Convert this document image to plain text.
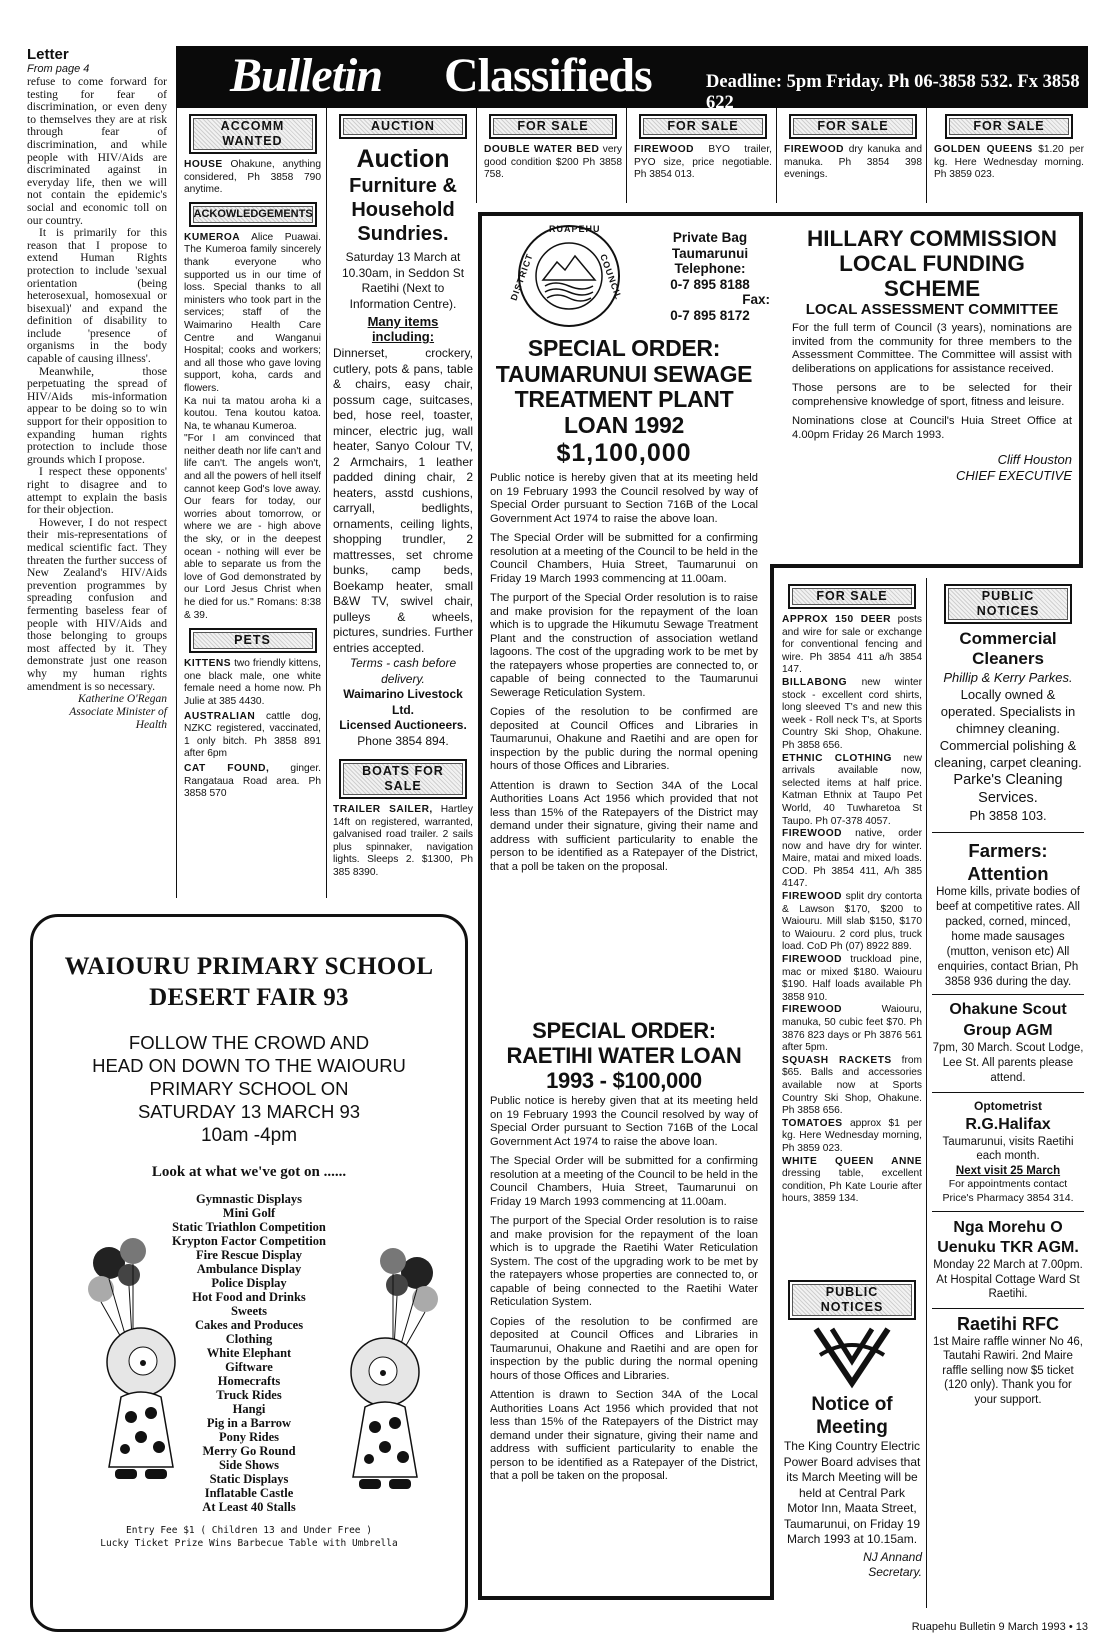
Letter
From page 4

refuse to come forward for testing for fear of discrimination, or even deny to themselves they are at risk through fear of discrimination, and while people with HIV/Aids are discriminated against in everyday life, then we will not contain the epidemic's social and economic toll on our country.

It is primarily for this reason that I propose to extend Human Rights protection to include 'sexual orientation (being heterosexual, homosexual or bisexual)' and expand the definition of disability to include 'presence of organisms in the body capable of causing illness'.

Meanwhile, those perpetuating the spread of HIV/Aids mis-information appear to be doing so to win support for their opposition to expanding human rights protection to include those grounds which I propose.

I respect these opponents' right to disagree and to attempt to explain the basis for their objection.

However, I do not respect their mis-representations of medical scientific fact. They threaten the further success of New Zealand's HIV/Aids prevention programmes by spreading confusion and fermenting baseless fear of people with HIV/Aids and those belonging to groups most affected by it. They demonstrate just one reason why my human rights amendment is so necessary.

Katherine O'Regan
Associate Minister of
Health
Bulletin Classifieds	Deadline: 5pm Friday. Ph 06-3858 532. Fx 3858 622
ACCOMM WANTED

HOUSE Ohakune, anything considered, Ph 3858 790 anytime.

ACKOWLEDGEMENTS

KUMEROA Alice Puawai. The Kumeroa family sincerely thank everyone who supported us in our time of loss. Special thanks to all ministers who took part in the services; staff of the Waimarino Health Care Centre and Wanganui Hospital; cooks and workers; and all those who gave loving support, koha, cards and flowers.

Ka nui ta matou aroha ki a koutou. Tena koutou katoa. Na, te whanau Kumeroa.

"For I am convinced that neither death nor life can't and life can't. The angels won't, and all the powers of hell itself cannot keep God's love away. Our fears for today, our worries about tomorrow, or where we are - high above the sky, or in the deepest ocean - nothing will ever be able to separate us from the love of God demonstrated by our Lord Jesus Christ when he died for us." Romans: 8:38 & 39.

PETS

KITTENS two friendly kittens, one black male, one white female need a home now. Ph Julie at 385 4430.

AUSTRALIAN cattle dog, NZKC registered, vaccinated, 1 only bitch. Ph 3858 891 after 6pm

CAT FOUND, ginger. Rangataua Road area. Ph 3858 570

AUCTION
Auction
Furniture & Household Sundries.
Saturday 13 March at 10.30am, in Seddon St Raetihi (Next to Information Centre).
Many items including:

Dinnerset, crockery, cutlery, pots & pans, table & chairs, easy chair, possum cage, suitcases, bed, hose reel, toaster, mincer, electric jug, wall heater, Sanyo Colour TV, 2 Armchairs, 1 leather padded dining chair, 2 heaters, asstd cushions, carryall, bedlights, ornaments, ceiling lights, shopping trundler, 2 mattresses, set chrome bunks, camp beds, Boekamp heater, small B&W TV, swivel chair, pulleys & wheels, pictures, sundries. Further entries accepted.

Terms - cash before delivery.
Waimarino Livestock Ltd.
Licensed Auctioneers.
Phone 3854 894.
BOATS FOR SALE

TRAILER SAILER, Hartley 14ft on registered, warranted, galvanised road trailer. 2 sails plus spinnaker, navigation lights. Sleeps 2. $1300, Ph 385 8390.

FOR SALE

DOUBLE WATER BED very good condition $200 Ph 3858 758.

FOR SALE

FIREWOOD BYO trailer, PYO size, price negotiable. Ph 3854 013.

FOR SALE

FIREWOOD dry kanuka and manuka. Ph 3854 398 evenings.

FOR SALE

GOLDEN QUEENS $1.20 per kg. Here Wednesday morning. Ph 3859 023.

RUAPEHU
DISTRICT	COUNCIL
Private Bag
Taumarunui
Telephone:
0-7 895 8188
Fax:
0-7 895 8172
SPECIAL ORDER: TAUMARUNUI SEWAGE TREATMENT PLANT LOAN 1992
$1,100,000

Public notice is hereby given that at its meeting held on 19 February 1993 the Council resolved by way of Special Order pursuant to Section 716B of the Local Government Act 1974 to raise the above loan.

The Special Order will be submitted for a confirming resolution at a meeting of the Council to be held in the Council Chambers, Huia Street, Taumarunui on Friday 19 March 1993 commencing at 11.00am.

The purport of the Special Order resolution is to raise and make provision for the repayment of the loan which is to upgrade the Hikumutu Sewage Treatment Plant and the construction of association wetland lagoons. The cost of the upgrading work to be met by the ratepayers whose properties are connected to, or capable of being connected to the Taumarunui Sewerage Reticulation System.

Copies of the resolution to be confirmed are deposited at Council Offices and Libraries in Taumarunui, Ohakune and Raetihi and are open for inspection by the public during the normal opening hours of those Offices and Libraries.

Attention is drawn to Section 34A of the Local Authorities Loans Act 1956 which provided that not less than 15% of the Ratepayers of the District may demand under their signature, giving their name and address with sufficient particularity to enable the person to be identified as a Ratepayer of the District, that a poll be taken on the proposal.

SPECIAL ORDER: RAETIHI WATER LOAN 1993 - $100,000

Public notice is hereby given that at its meeting held on 19 February 1993 the Council resolved by way of Special Order pursuant to Section 716B of the Local Government Act 1974 to raise the above loan.

The Special Order will be submitted for a confirming resolution at a meeting of the Council to be held in the Council Chambers, Huia Street, Taumarunui on Friday 19 March 1993 commencing at 11.00am.

The purport of the Special Order resolution is to raise and make provision for the repayment of the loan which is to upgrade the Raetihi Water Reticulation System. The cost of the upgrading work to be met by the ratepayers whose properties are connected to, or capable of being connected to the Raetihi Water Reticulation System.

Copies of the resolution to be confirmed are deposited at Council Offices and Libraries in Taumarunui, Ohakune and Raetihi and are open for inspection by the public during the normal opening hours of those Offices and Libraries.

Attention is drawn to Section 34A of the Local Authorities Loans Act 1956 which provided that not less than 15% of the Ratepayers of the District may demand under their signature, giving their name and address with sufficient particularity to enable the person to be identified as a Ratepayer of the District, that a poll be taken on the proposal.

HILLARY COMMISSION LOCAL FUNDING SCHEME
LOCAL ASSESSMENT COMMITTEE

For the full term of Council (3 years), nominations are invited from the community for three members to the Assessment Committee. The Committee will assist with deliberations on applications for assistance received.

Those persons are to be selected for their comprehensive knowledge of sport, fitness and leisure.

Nominations close at Council's Huia Street Office at 4.00pm Friday 26 March 1993.

Cliff Houston
CHIEF EXECUTIVE
FOR SALE

APPROX 150 DEER posts and wire for sale or exchange for conventional fencing and wire. Ph 3854 411 a/h 3854 147.

BILLABONG new winter stock - excellent cord shirts, long sleeved T's and new this week - Roll neck T's, at Sports Country Ski Shop, Ohakune. Ph 3858 656.

ETHNIC CLOTHING new arrivals available now, selected items at half price. Katman Ethnix at Taupo Pet World, 40 Tuwharetoa St Taupo. Ph 07-378 4057.

FIREWOOD native, order now and have dry for winter. Maire, matai and mixed loads. COD. Ph 3854 411, A/h 385 4147.

FIREWOOD split dry contorta & Lawson $170, $200 to Waiouru. Mill slab $150, $170 to Waiouru. 2 cord plus, truck load. CoD Ph (07) 8922 889.

FIREWOOD truckload pine, mac or mixed $180. Waiouru $190. Half loads available Ph 3858 910.

FIREWOOD	Waiouru, manuka, 50 cubic feet $70. Ph 3876 823 days or Ph 3876 561 after 5pm.

SQUASH RACKETS from $65. Balls and accessories available now at Sports Country Ski Shop, Ohakune. Ph 3858 656.

TOMATOES approx $1 per kg. Here Wednesday morning, Ph 3859 023.

WHITE QUEEN ANNE dressing table, excellent condition, Ph Kate Lourie after hours, 3859 134.

PUBLIC NOTICES
Notice of Meeting
The King Country Electric Power Board advises that its March Meeting will be held at Central Park Motor Inn, Maata Street, Taumarunui, on Friday 19 March 1993 at 10.15am.
NJ Annand
Secretary.
PUBLIC NOTICES
Commercial Cleaners
Phillip & Kerry Parkes.
Locally owned & operated. Specialists in chimney cleaning. Commercial polishing & cleaning, carpet cleaning.
Parke's Cleaning Services.
Ph 3858 103.
Farmers: Attention
Home kills, private bodies of beef at competitive rates. All packed, corned, minced, home made sausages (mutton, venison etc) All enquiries, contact Brian, Ph 3858 936 during the day.
Ohakune Scout Group AGM
7pm, 30 March. Scout Lodge, Lee St. All parents please attend.
Optometrist
R.G.Halifax
Taumarunui, visits Raetihi each month.
Next visit 25 March
For appointments contact Price's Pharmacy 3854 314.
Nga Morehu O Uenuku TKR AGM.
Monday 22 March at 7.00pm. At Hospital Cottage Ward St Raetihi.
Raetihi RFC
1st Maire raffle winner No 46, Tautahi Rawiri. 2nd Maire raffle selling now $5 ticket (120 only). Thank you for your support.
WAIOURU PRIMARY SCHOOL
DESERT FAIR 93
FOLLOW THE CROWD AND
HEAD ON DOWN TO THE WAIOURU
PRIMARY SCHOOL ON
SATURDAY 13 MARCH 93
10am -4pm
Look at what we've got on ......
Gymnastic Displays
Mini Golf
Static Triathlon Competition
Krypton Factor Competition
Fire Rescue Display
Ambulance Display
Police Display
Hot Food and Drinks
Sweets
Cakes and Produces
Clothing
White Elephant
Giftware
Homecrafts
Truck Rides
Hangi
Pig in a Barrow
Pony Rides
Merry Go Round
Side Shows
Static Displays
Inflatable Castle
At Least 40 Stalls
Entry Fee $1 ( Children 13 and Under Free )
Lucky Ticket Prize Wins Barbecue Table with Umbrella
Ruapehu Bulletin 9 March 1993 • 13
